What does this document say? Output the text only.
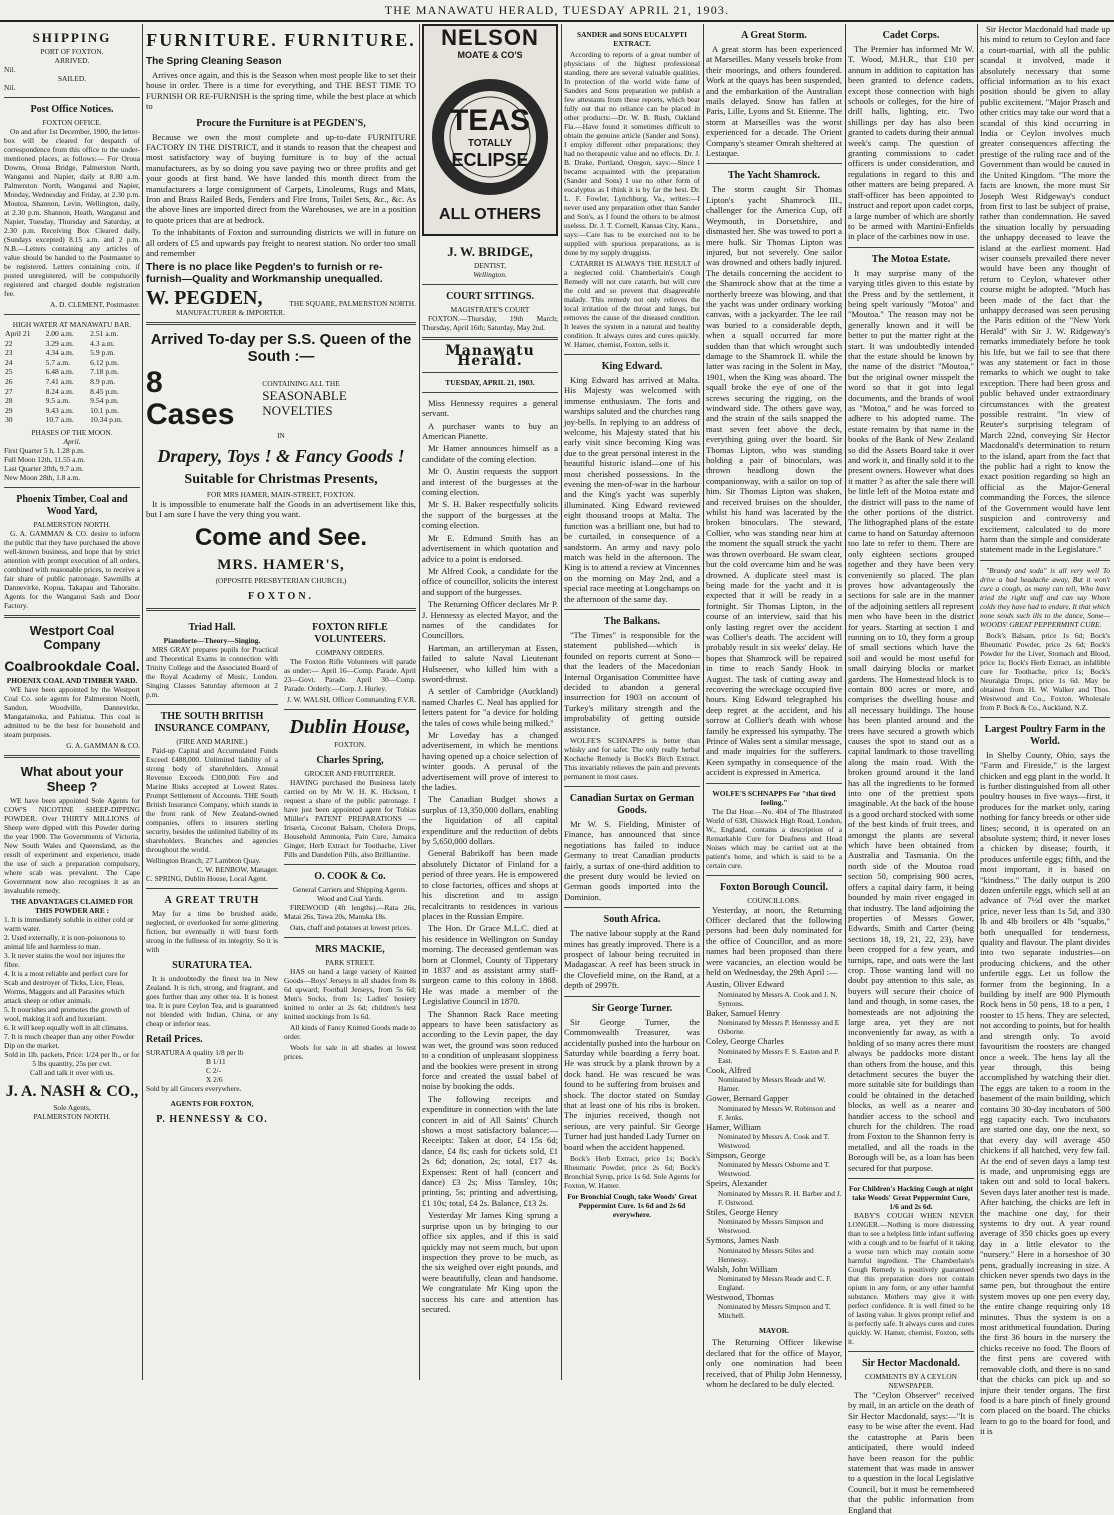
THE MANAWATU HERALD, TUESDAY APRIL 21, 1903.
SHIPPING
PORT OF FOXTON.
ARRIVED.
Nil.
SAILED.
Nil.
Post Office Notices.
FOXTON OFFICE.

On and after 1st December, 1900, the letter-box will be cleared for despatch of correspondence from this office to the under-mentioned places, as follows:— For Oroua Downs, Oroua Bridge, Palmerston North, Wanganui and Napier, daily at 8.80 a.m. Palmerston North, Wanganui and Napier, Monday, Wednesday and Friday, at 2.30 p.m. Moutoa, Shannon, Levin, Wellington, daily, at 2.30 p.m. Shannon, Heath, Wanganui and Napier, Tuesday, Thursday and Saturday, at 2.30 p.m. Receiving Box Cleared daily, (Sundays excepted) 8.15 a.m. and 2 p.m. N.B.—Letters containing any articles of value should be handed to the Postmaster to be registered. Letters containing coin, if posted unregistered, will be compulsorily registered and charged double registration fee.

A. D. CLEMENT, Postmaster.
HIGH WATER AT MANAWATU BAR.
April 21	2.00 a.m.	2.51 a.m.
22	3.29 a.m.	4.3 a.m.
23	4.34 a.m.	5.9 p.m.
24	5.7 a.m.	6.12 p.m.
25	6.48 a.m.	7.18 p.m.
26	7.41 a.m.	8.9 p.m.
27	8.24 a.m.	8.45 p.m.
28	9.5 a.m.	9.54 p.m.
29	9.43 a.m.	10.1 p.m.
30	10.7 a.m.	10.34 p.m.
PHASES OF THE MOON.
April.
First Quarter 5 h, 1.28 p.m.
Full Moon 12th, 11.55 a.m.
Last Quarter 20th, 9.7 a.m.
New Moon 28th, 1.8 a.m.
Phoenix Timber, Coal and Wood Yard,
PALMERSTON NORTH.

G. A. GAMMAN & CO. desire to inform the public that they have purchased the above well-known business, and hope that by strict attention with prompt execution of all orders, combined with reasonable prices, to receive a fair share of public patronage. Sawmills at Dannevirke, Kopua, Takapau and Tahoraite. Agents for the Wanganui Sash and Door Factory.

Westport Coal Company
Coalbrookdale Coal.
PHOENIX COAL AND TIMBER YARD.

WE have been appointed by the Westport Coal Co. sole agents for Palmerston North, Sandon, Woodville, Dannevirke, Mangatainoka, and Pahiatua. This coal is admitted to be the best for household and steam purposes.

G. A. GAMMAN & CO.
What about your Sheep ?

WE have been appointed Sole Agents for COW'S NICOTINE SHEEP-DIPPING POWDER. Over THIRTY MILLIONS of Sheep were dipped with this Powder during the year 1900. The Governments of Victoria, New South Wales and Queensland, as the result of experiment and experience, made the use of such a preparation compulsory, where scab was prevalent. The Cape Government now also recognises it as an invaluable remedy.

THE ADVANTAGES CLAIMED FOR THIS POWDER ARE :
1. It is immediately soluble in either cold or warm water.
2. Used externally, it is non-poisonous to animal life and harmless to man.
3. It never stains the wool nor injures the fibre.
4. It is a most reliable and perfect cure for Scab and destroyer of Ticks, Lice, Fleas, Worms, Maggots and all Parasites which attack sheep or other animals.
5. It nourishes and promotes the growth of wool, making it soft and luxuriant.
6. It will keep equally well in all climates.
7. It is much cheaper than any other Powder Dip on the market.
Sold in 1lb. packets, Price: 1/24 per lb., or for 5 lbs quantity, 25s per cwt.
Call and talk it over with us.
J. A. NASH & CO.,
Sole Agents,
PALMERSTON NORTH.
FURNITURE. FURNITURE.
The Spring Cleaning Season

Arrives once again, and this is the Season when most people like to set their house in order. There is a time for everything, and THE BEST TIME TO FURNISH OR RE-FURNISH is the spring time, while the best place at which to

Procure the Furniture is at PEGDEN'S,

Because we own the most complete and up-to-date FURNITURE FACTORY IN THE DISTRICT, and it stands to reason that the cheapest and most satisfactory way of buying furniture is to buy of the actual manufacturers, as by so doing you save paying two or three profits and get your goods at first hand. We have landed this month direct from the manufacturers a large consignment of Carpets, Linoleums, Rugs and Mats, Iron and Brass Railed Beds, Fenders and Fire Irons, Toilet Sets, &c., &c. As the above lines are imported direct from the Warehouses, we are in a position to quote prices that are at bedrock.

To the inhabitants of Foxton and surrounding districts we will in future on all orders of £5 and upwards pay freight to nearest station. No order too small and remember

There is no place like Pegden's to furnish or re-furnish—Quality and Workmanship unequalled.
W. PEGDEN,	THE SQUARE, PALMERSTON NORTH.
MANUFACTURER & IMPORTER.
Arrived To-day per S.S. Queen of the South :—
8 Cases
CONTAINING ALL THE
SEASONABLE NOVELTIES
IN
Drapery, Toys ! & Fancy Goods !
Suitable for Christmas Presents,
FOR MRS HAMER, MAIN-STREET, FOXTON.

It is impossible to enumerate half the Goods in an advertisement like this, but I am sure I have the very thing you want.

Come and See.
MRS. HAMER'S,
(OPPOSITE PRESBYTERIAN CHURCH,)
FOXTON.
Triad Hall.
Pianoforte—Theory—Singing.

MRS GRAY prepares pupils for Practical and Theoretical Exams in connection with Trinity College and the Associated Board of the Royal Academy of Music, London. Singing Classes Saturday afternoon at 2 p.m.

THE SOUTH BRITISH INSURANCE COMPANY,
(FIRE AND MARINE.)

Paid-up Capital and Accumulated Funds Exceed £488,000. Unlimited liability of a strong body of shareholders. Annual Revenue Exceeds £300,000. Fire and Marine Risks accepted at Lowest Rates. Prompt Settlement of Accounts. THE South British Insurance Company, which stands in the front rank of New Zealand-owned companies, offers to insurers sterling security, besides the unlimited liability of its shareholders. Branches and agencies throughout the world.

Wellington Branch, 27 Lambton Quay.
C. W. BENBOW, Manager.
C. SPRING, Dublin House, Local Agent.
A GREAT TRUTH

May for a time be brushed aside, neglected, or overlooked for some glittering fiction, but eventually it will burst forth strong in the fullness of its integrity. So it is with

SURATURA TEA.

It is undoubtedly the finest tea in New Zealand. It is rich, strong, and fragrant, and goes further than any other tea. It is honest tea. It is pure Ceylon Tea, and is guaranteed not blended with Indian, China, or any cheap or inferior teas.

Retail Prices.
SURATURA A quality 1/8 per lb
B 1/11
C 2/-
X 2/6
Sold by all Grocers everywhere.
AGENTS FOR FOXTON,
P. HENNESSY & CO.
FOXTON RIFLE VOLUNTEERS.
COMPANY ORDERS.

The Foxton Rifle Volunteers will parade as under:— April 16—Comp. Parade. April 23—Govt. Parade. April 30—Comp. Parade. Orderly.—Corp. J. Hurley.

J. W. WALSH, Officer Commanding F.V.R.
Dublin House,
FOXTON.
Charles Spring,
GROCER AND FRUITERER.

HAVING purchased the Business lately carried on by Mr W. H. K. Hickson, I request a share of the public patronage. I have just been appointed agent for Tobias Müller's PATENT PREPARATIONS — Iriseria, Coconut Balsam, Cholera Drops, Household Ammonia, Pain Cure, Jamaica Ginger, Herb Extract for Toothache, Liver Pills and Dandelion Pills, also Brilliantine.

O. COOK & Co.
General Carriers and Shipping Agents.
Wood and Coal Yards.

FIREWOOD (4ft lengths).—Rata 26s, Matai 26s, Tawa 20s, Manuka 18s.

Oats, chaff and potatoes at lowest prices.

MRS MACKIE,
PARK STREET.

HAS on hand a large variety of Knitted Goods—Boys' Jerseys in all shades from 8s 6d upward; Football Jerseys, from 5s 6d; Men's Socks, from 1s; Ladies' hosiery knitted to order at 2s 6d; children's best knitted stockings from 1s 6d.

All kinds of Fancy Knitted Goods made to order.

Wools for sale in all shades at lowest prices.

NELSON
MOATE & CO'S
TEAS
TOTALLY
ECLIPSE
ALL OTHERS
J. W. BRIDGE,
DENTIST,
Wellington.
COURT SITTINGS.
MAGISTRATE'S COURT

FOXTON.—Thursday, 19th March; Thursday, April 16th; Saturday, May 2nd.

Manawatu Herald.
TUESDAY, APRIL 21, 1903.

Miss Hennessy requires a general servant.

A purchaser wants to buy an American Pianette.

Mr Hamer announces himself as a candidate of the coming election.

Mr O. Austin requests the support and interest of the burgesses at the coming election.

Mr S. H. Baker respectfully solicits the support of the burgesses at the coming election.

Mr E. Edmund Smith has an advertisement in which quotation and advice to a point is endorsed.

Mr Alfred Cook, a candidate for the office of councillor, solicits the interest and support of the burgesses.

The Returning Officer declares Mr P. J. Hennessy as elected Mayor, and the names of the candidates for Councillors.

Hartman, an artilleryman at Essen, failed to salute Naval Lieutenant Hulseener, who killed him with a sword-thrust.

A settler of Cambridge (Auckland) named Charles C. Neal has applied for letters patent for "a device for holding the tales of cows while being milked."

Mr Loveday has a changed advertisement, in which he mentions having opened up a choice selection of winter goods. A perusal of the advertisement will prove of interest to the ladies.

The Canadian Budget shows a surplus of 13,350,000 dollars, enabling the liquidation of all capital expenditure and the reduction of debts by 5,650,000 dollars.

General Babrikoff has been made absolutely Dictator of Finland for a period of three years. He is empowered to close factories, offices and shops at his discretion and to assign recalcitrants to residences in various places in the Russian Empire.

The Hon. Dr Grace M.L.C. died at his residence in Wellington on Sunday morning. The deceased gentleman was born at Clonmel, County of Tipperary in 1837 and as assistant army staff-surgeon came to this colony in 1868. He was made a member of the Legislative Council in 1870.

The Shannon Rack Race meeting appears to have been satisfactory as according to the Levin paper, the day was wet, the ground was soon reduced to a condition of unpleasant sloppiness and the bookies were present in strong force and created the usual babel of noise by booking the odds.

The following receipts and expenditure in connection with the late concert in aid of All Saints' Church shows a most satisfactory balance:—Receipts: Taken at door, £4 15s 6d; dance, £4 8s; cash for tickets sold, £1 2s 6d; donation, 2s; total, £17 4s. Expenses: Rent of hall (concert and dance) £3 2s; Miss Tansley, 10s; printing, 5s; printing and advertising, £1 10s; total, £4 2s. Balance, £13 2s.

Yesterday Mr James King sprung a surprise upon us by bringing to our office six apples, and if this is said quickly may not seem much, but upon inspection they prove to be much, as the six weighed over eight pounds, and were beautifully, clean and handsome. We congratulate Mr King upon the success his care and attention has secured.

SANDER and SONS EUCALYPTI EXTRACT.

According to reports of a great number of physicians of the highest professional standing, there are several valuable qualities. In protection of the world wide fame of Sanders and Sons preparation we publish a few attestants from these reports, which bear fully out that no reliance can be placed in other products:—Dr. W. B. Rush, Oakland Fla.—Have found it sometimes difficult to obtain the genuine article (Sander and Sons). I employ different other preparations; they had no therapeutic value and no effects. Dr. J. B. Drake, Portland, Oregon, says:—Since I became acquainted with the preparation (Sander and Sons) I use no other form of eucalyptus as I think it is by far the best. Dr. L. F. Fowler, Lynchburg, Va., writes:—I never used any preparation other than Sander and Son's, as I found the others to be almost useless. Dr. J. T. Cornell, Kansas City, Kans., says:—Care has to be exercised not to be supplied with spurious preparations, as is done by my supply druggists.

CATARRH IS ALWAYS THE RESULT of a neglected cold. Chamberlain's Cough Remedy will not cure catarrh, but will cure the cold and so prevent that disagreeable malady. This remedy not only relieves the local irritation of the throat and lungs, but removes the cause of the diseased condition. It leaves the system in a natural and healthy condition. It always cures and cures quickly. W. Hamer, chemist, Foxton, sells it.

King Edward.

King Edward has arrived at Malta. His Majesty was welcomed with immense enthusiasm. The forts and warships saluted and the churches rang joy-bells. In replying to an address of welcome, his Majesty stated that his early visit since becoming King was due to the great personal interest in the beautiful historic island—one of his most cherished possessions. In the evening the men-of-war in the harbour and the King's yacht was superbly illuminated. King Edward reviewed eight thousand troops at Malta. The function was a brilliant one, but had to be curtailed, in consequence of a sandstorm. An army and navy polo match was held in the afternoon. The King is to attend a review at Vincennes on the morning on May 2nd, and a special race meeting at Longchamps on the afternoon of the same day.

The Balkans.

"The Times" is responsible for the statement published—which is founded on reports current at Sono—that the leaders of the Macedonian Internal Organisation Committee have decided to abandon a general insurrection for 1903 on account of Turkey's military strength and the improbability of getting outside assistance.

WOLFE'S SCHNAPPS is better than whisky and for safer. The only really herbal Kochache Remedy is Bock's Birch Extract. This invariably relieves the pain and prevents permanent in most cases.

Canadian Surtax on German Goods.

Mr W. S. Fielding, Minister of Finance, has announced that since negotiations has failed to induce Germany to treat Canadian products fairly, a surtax of one-third addition to the present duty would be levied on German goods imported into the Dominion.

South Africa.

The native labour supply at the Rand mines has greatly improved. There is a prospect of labour being recruited in Madagascar. A reef has been struck in the Clovefield mine, on the Rand, at a depth of 2997ft.

Sir George Turner.

Sir George Turner, the Commonwealth Treasurer, was accidentally pushed into the harbour on Saturday while boarding a ferry boat. He was struck by a plank thrown by a dock hand. He was rescued he was found to be suffering from bruises and shock. The doctor stated on Sunday that at least one of his ribs is broken. The injuries received, though not serious, are very painful. Sir George Turner had just handed Lady Turner on board when the accident happened.

Bock's Herb Extract, price 1s; Bock's Rheumatic Powder, price 2s 6d; Bock's Bronchial Syrup, price 1s 6d. Sole Agents for Foxton, W. Hamer.

For Bronchial Cough, take Woods' Great Peppermint Cure. 1s 6d and 2s 6d everywhere.
A Great Storm.

A great storm has been experienced at Marseilles. Many vessels broke from their moorings, and others foundered. Work at the quays has been suspended, and the embarkation of the Australian mails delayed. Snow has fallen at Paris, Lille, Lyons and St. Etienne. The storm at Marseilles was the worst experienced for a decade. The Orient Company's steamer Omrah sheltered at Lestaque.

The Yacht Shamrock.

The storm caught Sir Thomas Lipton's yacht Shamrock III., challenger for the America Cup, off Weymouth, in Dorsetshire, and dismasted her. She was towed to port a mere hulk. Sir Thomas Lipton was injured, but not severely. One sailor was drowned and others badly injured. The details concerning the accident to the Shamrock show that at the time a northerly breeze was blowing, and that the yacht was under ordinary working canvas, with a jackyarder. The lee rail was buried to a considerable depth, when a squall occurred far more sudden than that which wrought such damage to the Shamrock II. while the latter was racing in the Solent in May, 1901, when the King was aboard. The squall broke the eye of one of the screws securing the rigging, on the windward side. The others gave way, and the strain of the sails snapped the mast seven feet above the deck, everything going over the board. Sir Thomas Lipton, who was standing holding a pair of binoculars, was thrown headlong down the companionway, with a sailor on top of him. Sir Thomas Lipton was shaken, and received bruises on the shoulder, whilst his hand was lacerated by the broken binoculars. The steward, Collier, who was standing near him at the moment the squall struck the yacht was thrown overboard. He swam clear, but the cold overcame him and he was drowned. A duplicate steel mast is being made for the yacht and it is expected that it will be ready in a fortnight. Sir Thomas Lipton, in the course of an interview, said that his only lasting regret over the accident was Collier's death. The accident will probably result in six weeks' delay. He hopes that Shamrock will be repaired in time to reach Sandy Hook in August. The task of cutting away and recovering the wreckage occupied five hours. King Edward telegraphed his deep regret at the accident, and his sorrow at Collier's death with whose family he expressed his sympathy. The Prince of Wales sent a similar message, and made inquiries for the sufferers. Keen sympathy in consequence of the accident is expressed in America.

WOLFE'S SCHNAPPS For "that tired feeling."

The Dat Hear.—No. 404 of The Illustrated World of 638, Chiswick High Road, London, W., England, contains a description of a Remarkable Cure for Deafness and Head Noises which may be carried out at the patient's home, and which is said to be a certain cure.

Foxton Borough Council.
COUNCILLORS.

Yesterday, at noon, the Returning Officer declared that the following persons had been duly nominated for the office of Councillor, and as more names had been proposed than there were vacancies, an election would be held on Wednesday, the 29th April :—

Austin, Oliver Edward
Nominated by Messrs A. Cook and J. N. Symons.
Baker, Samuel Henry
Nominated by Messrs P. Hennessy and E Osborne.
Coley, George Charles
Nominated by Messrs F. S. Easton and P. East.
Cook, Alfred
Nominated by Messrs Reade and W. Hamer.
Gower, Bernard Gapper
Nominated by Messrs W. Robinson and F. Jenks.
Hamer, William
Nominated by Messrs A. Cook and T. Westwood.
Simpson, George
Nominated by Messrs Osborne and T. Westwood.
Speirs, Alexander
Nominated by Messrs R. H. Barber and J. F. Ostwood.
Stiles, George Henry
Nominated by Messrs Simpson and Westwood.
Symons, James Nash
Nominated by Messrs Stiles and Hennessy.
Walsh, John William
Nominated by Messrs Reade and C. F. England.
Westwood, Thomas
Nominated by Messrs Simpson and T. Mitchell.
MAYOR.

The Returning Officer likewise declared that for the office of Mayor, only one nomination had been received, that of Philip John Hennessy, whom he declared to be duly elected.

Cadet Corps.

The Premier has informed Mr W. T. Wood, M.H.R., that £10 per annum in addition to capitation has been granted to defence cadets, except those connection with high schools or colleges, for the hire of drill halls, lighting, etc. Two shillings per day has also been granted to cadets during their annual week's camp. The question of granting commissions to cadet officers is under consideration, and regulations in regard to this and other matters are being prepared. A staff-officer has been appointed to instruct and report upon cadet corps, a large number of which are shortly to be armed with Martini-Enfields in place of the carbines now in use.

The Motoa Estate.

It may surprise many of the varying titles given to this estate by the Press and by the settlement, it being spelt variously "Motoa" and "Moutoa." The reason may not be generally known and it will be better to put the matter right at the start. It was undoubtedly intended that the estate should be known by the name of the district "Moutoa," but the original owner misspelt the word so that it got into legal documents, and the brands of wool as "Motoa," and he was forced to adhere to his adopted name. The estate remains by that name in the books of the Bank of New Zealand so did the Assets Board take it over and work it, and finally sold it to the present owners. However what does it matter ? as after the sale there will be little left of the Motoa estate and the district will pass to the name of the other portions of the district. The lithographed plans of the estate came to hand on Saturday afternoon too late to refer to them. There are only eighteen sections grouped together and they have been very conveniently so placed. The plan proves how advantageously the sections for sale are in the manner of the adjoining settlers all represent men who have been in the district for years. Starting at section 1 and running on to 10, they form a group of small sections which have the soil and would be most useful for small dairying blocks or market gardens. The Homestead block is to contain 800 acres or more, and comprises the dwelling house and all necessary buildings. The house has been planted around and the trees have secured a growth which causes the spot to stand out as a capital landmark to those travelling along the main road. With the broken ground around it the land has all the ingredients to be formed into one of the prettiest spots imaginable. At the back of the house is a good orchard stocked with some of the best kinds of fruit trees, and amongst the plants are several which have been obtained from Australia and Tasmania. On the north side of the Moutoa road section 50, comprising 900 acres, offers a capital dairy farm, it being bounded by main river engaged in that industry. The land adjoining the properties of Messrs Gower, Edwards, Smith and Carter (being sections 18, 19, 21, 22, 23), have been cropped for a few years, and turnips, rape, and oats were the last crop. Those wanting land will no doubt pay attention to this sale, as buyers will secure their choice of land and though, in some cases, the homesteads are not adjoining the large area, yet they are not inconveniently far away, as with a holding of so many acres there must always be paddocks more distant than others from the house, and this detachment secures the buyer the more suitable site for buildings than could be obtained in the detached blocks, as well as a nearer and handier access to the school and church for the children. The road from Foxton to the Shannon ferry is metalled, and all the roads in the Borough will be, as a loan has been secured for that purpose.

For Children's Hacking Cough at night take Woods' Great Peppermint Cure, 1/6 and 2s 6d.

BABY'S COUGH WHEN NEVER LONGER.—Nothing is more distressing than to see a helpless little infant suffering with a cough and to be fearful of it taking a worse turn which may contain some harmful ingredient. The Chamberlain's Cough Remedy is positively guaranteed that this preparation does not contain opium in any form, or any other harmful substance. Mothers may give it with perfect confidence. It is well fitted to be of lasting value. It gives prompt relief and is perfectly safe. It always cures and cures quickly. W. Hamer, chemist, Foxton, sells it.

Sir Hector Macdonald.
COMMENTS BY A CEYLON NEWSPAPER.

The "Ceylon Observer" received by mail, in an article on the death of Sir Hector Macdonald, says:—"It is easy to be wise after the event. Had the catastrophe at Paris been anticipated, there would indeed have been reason for the public statement that was made in answer to a question in the local Legislative Council, but it must be remembered that the public information from England that

Sir Hector Macdonald had made up his mind to return to Ceylon and face a court-martial, with all the public scandal it involved, made it absolutely necessary that some official information as to his exact position should be given to allay public excitement. "Major Prasch and other critics may take our word that a scandal of this kind occurring in India or Ceylon involves much greater consequences affecting the prestige of the ruling race and of the Government than would be caused in the United Kingdom. "The more the facts are known, the more must Sir Joseph West Ridgeway's conduct from first to last be subject of praise, rather than condemnation. He saved the situation locally by persuading the unhappy deceased to leave the island at the earliest moment. Had wiser counsels prevailed there never would have been any thought of return to Ceylon, whatever other course might be adopted. "Much has been made of the fact that the unhappy deceased was seen perusing the Paris edition of the "New York Herald" with Sir J. W. Ridgeway's remarks immediately before he took his life, but we fail to see that there was any statement or fact in those remarks to which we ought to take exception. There had been gross and public behaved under extraordinary circumstances with the greatest possible restraint. "In view of Reuter's surprising telegram of March 22nd, conveying Sir Hector Macdonald's determination to return to the island, apart from the fact that the public had a right to know the exact position regarding so high an official as the Major-General commanding the Forces, the silence of the Government would have lent suspicion and controversy and excitement, calculated to do more harm than the simple and considerate statement made in the Legislature."

"Brandy and soda" is all very well To drive a bad headache away, But it won't cure a cough, as many can tell, Who have tried the right stuff and can say Whom colds they have had to endure, It that which none sends such ills to the dance, Some— WOODS' GREAT PEPPERMINT CURE.

Bock's Balsam, price 1s 6d; Bock's Rheumatic Powder, price 2s 6d; Bock's Powder for the Liver, Stomach and Blood, price 1s; Bock's Herb Extract, an infallible cure for Toothache, price 1s; Bock's Neuralgia Drops, price 1s 6d. May be obtained from H. W. Walker and Thos. Westwood and Co., Foxton. Wholesale from P. Bock & Co., Auckland, N.Z.

Largest Poultry Farm in the World.

In Shelby County, Ohio, says the "Farm and Fireside," is the largest chicken and egg plant in the world. It is further distinguished from all other poultry houses in five ways—first, it produces for the market only, caring nothing for fancy breeds or other side lines; second, it is operated on an absolute system; third, it never loses a chicken by disease; fourth, it produces unfertile eggs; fifth, and the most important, it is based on "kindness." The daily output is 200 dozen unfertile eggs, which sell at an advance of 7½d over the market price, never less than 1s 5d, and 330 lb and 4lb broilers or 4lb "squabs," both unequalled for tenderness, quality and flavour. The plant divides into two separate industries—on producing chickens, and the other unfertile eggs. Let us follow the former from the beginning. In a building by itself are 900 Plymouth Rock hens in 50 pens, 18 to a pen, 1 rooster to 15 hens. They are selected, not according to points, but for health and strength only. To avoid favouritism the roosters are changed once a week. The hens lay all the year through, this being accomplished by watching their diet. The eggs are taken to a room in the basement of the main building, which contains 30 30-day incubators of 500 egg capacity each. Two incubators are started one day, one the next, so that every day will average 450 chickens if all hatched, very few fail. At the end of seven days a lamp test is made, and unpromising eggs are taken out and sold to local bakers. Seven days later another test is made. After hatching, the chicks are left in the machine one day, for their systems to dry out. A year round average of 350 chicks goes up every day in a little elevator to the "nursery." Here in a horseshoe of 30 pens, gradually increasing in size. A chicken never spends two days in the same pen, but throughout the entire system moves up one pen every day, the entire change requiring only 18 minutes. Thus the system is on a most arithmetical foundation. During the first 36 hours in the nursery the chicks receive no food. The floors of the first pens are covered with removable cloth, and there is no sand that the chicks can pick up and so injure their tender organs. The first food is a bare pinch of finely ground corn placed on the board. The chicks learn to go to the board for food, and it is
